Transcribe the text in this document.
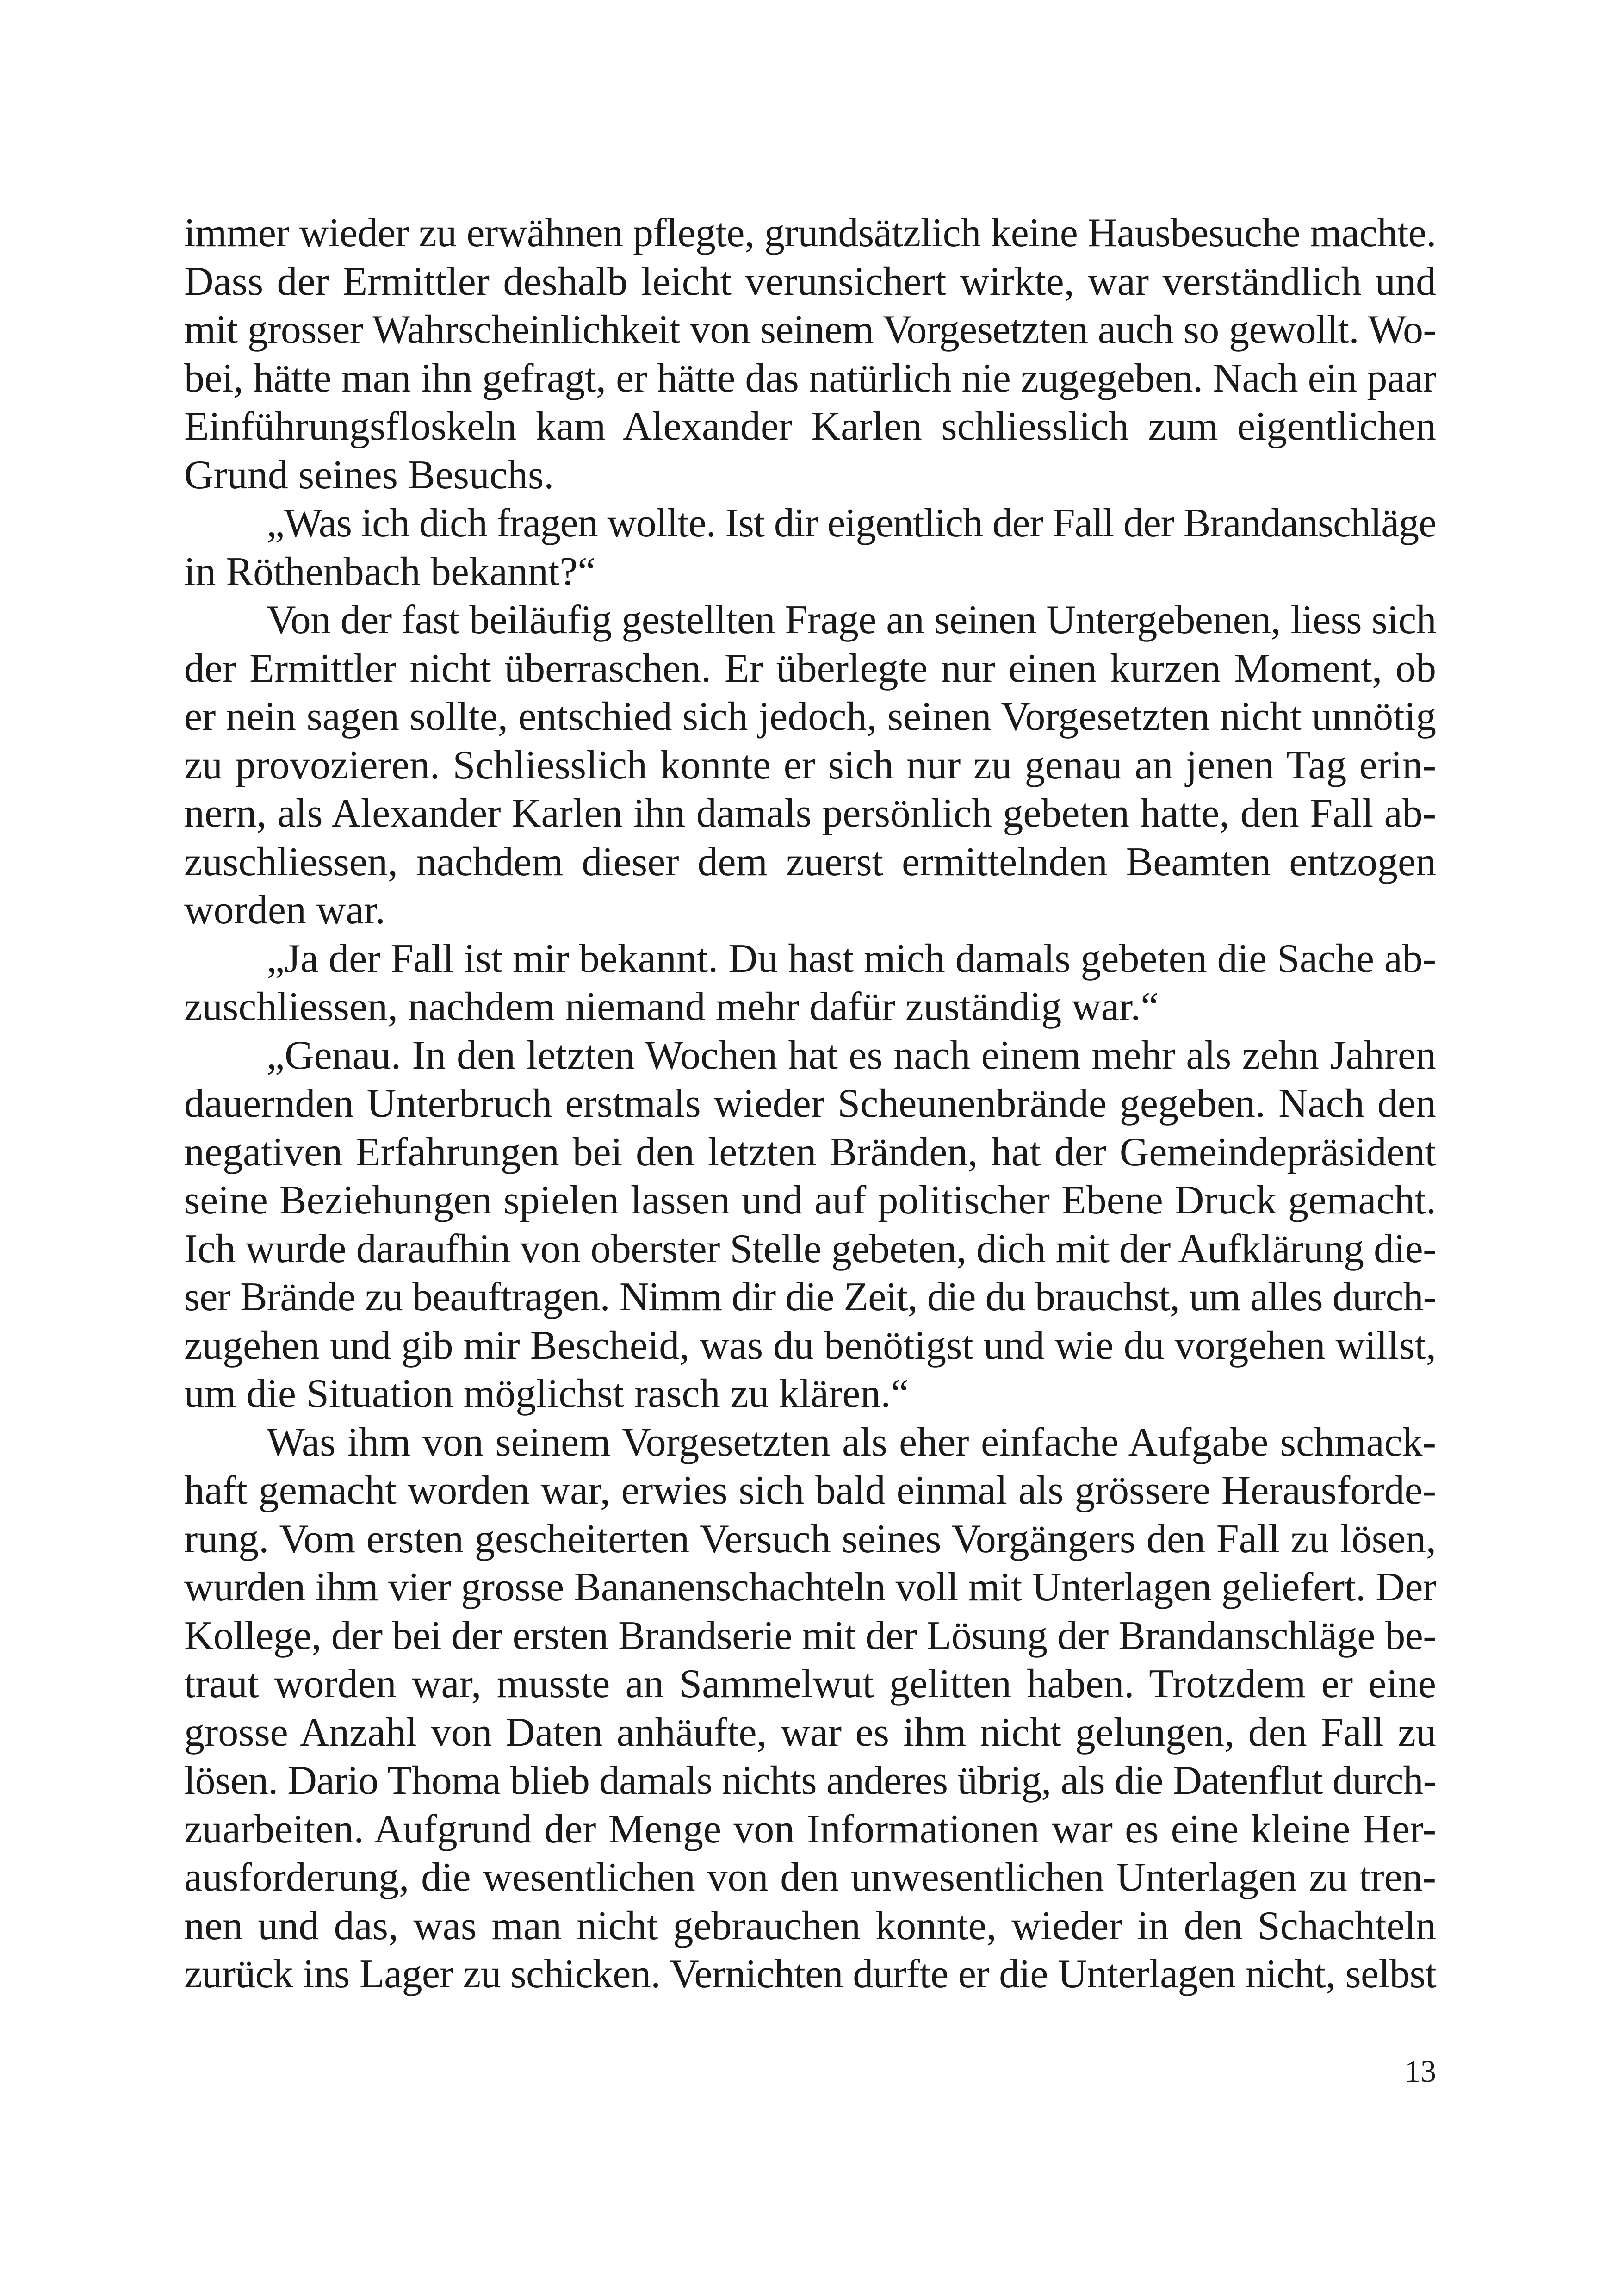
immer wieder zu erwähnen pflegte, grundsätzlich keine Hausbesuche machte.
Dass der Ermittler deshalb leicht verunsichert wirkte, war verständlich und
mit grosser Wahrscheinlichkeit von seinem Vorgesetzten auch so gewollt. Wo-
bei, hätte man ihn gefragt, er hätte das natürlich nie zugegeben. Nach ein paar
Einführungsfloskeln kam Alexander Karlen schliesslich zum eigentlichen
Grund seines Besuchs.
„Was ich dich fragen wollte. Ist dir eigentlich der Fall der Brandanschläge
in Röthenbach bekannt?“
Von der fast beiläufig gestellten Frage an seinen Untergebenen, liess sich
der Ermittler nicht überraschen. Er überlegte nur einen kurzen Moment, ob
er nein sagen sollte, entschied sich jedoch, seinen Vorgesetzten nicht unnötig
zu provozieren. Schliesslich konnte er sich nur zu genau an jenen Tag erin-
nern, als Alexander Karlen ihn damals persönlich gebeten hatte, den Fall ab-
zuschliessen, nachdem dieser dem zuerst ermittelnden Beamten entzogen
worden war.
„Ja der Fall ist mir bekannt. Du hast mich damals gebeten die Sache ab-
zuschliessen, nachdem niemand mehr dafür zuständig war.“
„Genau. In den letzten Wochen hat es nach einem mehr als zehn Jahren
dauernden Unterbruch erstmals wieder Scheunenbrände gegeben. Nach den
negativen Erfahrungen bei den letzten Bränden, hat der Gemeindepräsident
seine Beziehungen spielen lassen und auf politischer Ebene Druck gemacht.
Ich wurde daraufhin von oberster Stelle gebeten, dich mit der Aufklärung die-
ser Brände zu beauftragen. Nimm dir die Zeit, die du brauchst, um alles durch-
zugehen und gib mir Bescheid, was du benötigst und wie du vorgehen willst,
um die Situation möglichst rasch zu klären.“
Was ihm von seinem Vorgesetzten als eher einfache Aufgabe schmack-
haft gemacht worden war, erwies sich bald einmal als grössere Herausforde-
rung. Vom ersten gescheiterten Versuch seines Vorgängers den Fall zu lösen,
wurden ihm vier grosse Bananenschachteln voll mit Unterlagen geliefert. Der
Kollege, der bei der ersten Brandserie mit der Lösung der Brandanschläge be-
traut worden war, musste an Sammelwut gelitten haben. Trotzdem er eine
grosse Anzahl von Daten anhäufte, war es ihm nicht gelungen, den Fall zu
lösen. Dario Thoma blieb damals nichts anderes übrig, als die Datenflut durch-
zuarbeiten. Aufgrund der Menge von Informationen war es eine kleine Her-
ausforderung, die wesentlichen von den unwesentlichen Unterlagen zu tren-
nen und das, was man nicht gebrauchen konnte, wieder in den Schachteln
zurück ins Lager zu schicken. Vernichten durfte er die Unterlagen nicht, selbst
13
